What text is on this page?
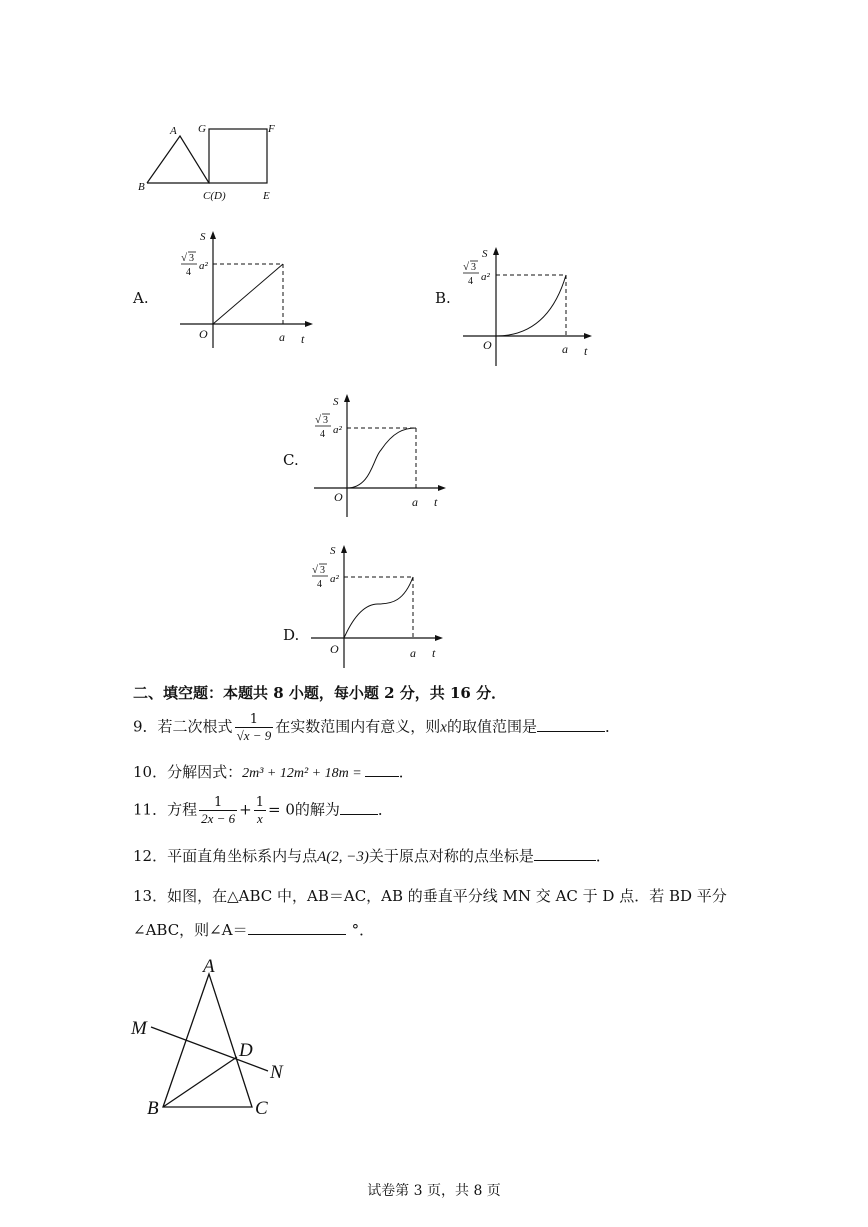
A
B
G	F
C(D)	E
A.
S
O	a t
√ 3
4
a²
B.
S
O	a t
√ 3
4 a²
C.
S
O	a t
√ 3
4 a²
D.
S
O	a t
√ 3
4 a²
二、填空题：本题共 8 小题，每小题 2 分，共 16 分．
9．若二次根式 $\frac{1}{√x - 9}$ 在实数范围内有意义，则x的取值范围是	．
10．分解因式：2m³ + 12m² + 18m = ．
11．方程 $\frac{1}{2x - 6} + \frac{1}{x} = 0$的解为	．
12．平面直角坐标系内与点A(2, −3)关于原点对称的点坐标是	．
13．如图，在△ABC 中，AB＝AC，AB 的垂直平分线 MN 交 AC 于 D 点．若 BD 平分
∠ABC，则∠A＝	°．
A
M
D
N
B	C
试卷第 3 页，共 8 页
